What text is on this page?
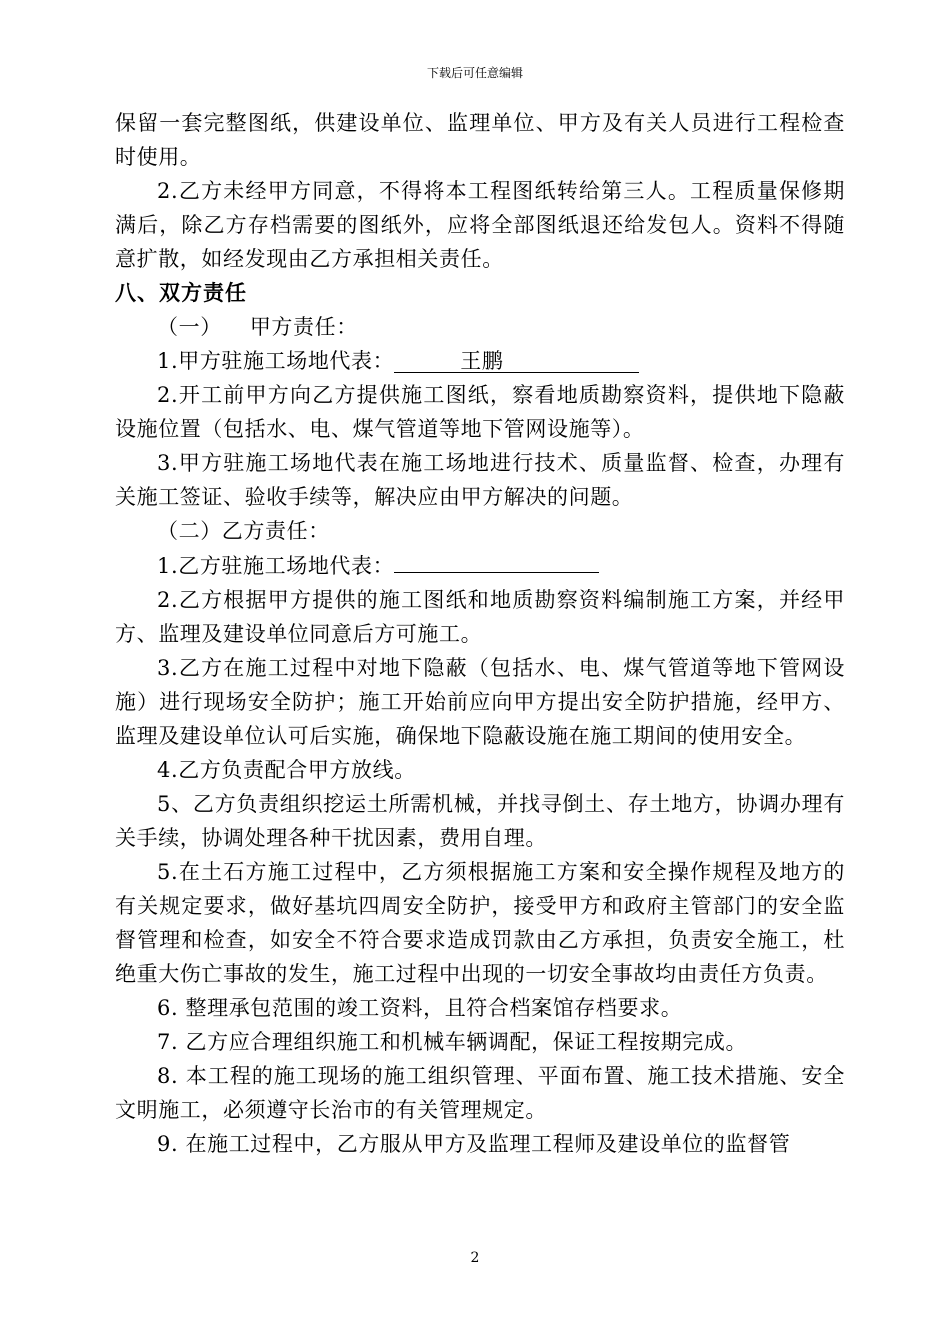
下载后可任意编辑

保留一套完整图纸，供建设单位、监理单位、甲方及有关人员进行工程检查时使用。

2.乙方未经甲方同意，不得将本工程图纸转给第三人。工程质量保修期满后，除乙方存档需要的图纸外，应将全部图纸退还给发包人。资料不得随意扩散，如经发现由乙方承担相关责任。

八、双方责任

（一） 甲方责任：

1.甲方驻施工场地代表：	王鹏

2.开工前甲方向乙方提供施工图纸，察看地质勘察资料，提供地下隐蔽设施位置（包括水、电、煤气管道等地下管网设施等）。

3.甲方驻施工场地代表在施工场地进行技术、质量监督、检查，办理有关施工签证、验收手续等，解决应由甲方解决的问题。

（二）乙方责任：

1.乙方驻施工场地代表：

2.乙方根据甲方提供的施工图纸和地质勘察资料编制施工方案，并经甲方、监理及建设单位同意后方可施工。

3.乙方在施工过程中对地下隐蔽（包括水、电、煤气管道等地下管网设施）进行现场安全防护；施工开始前应向甲方提出安全防护措施，经甲方、监理及建设单位认可后实施，确保地下隐蔽设施在施工期间的使用安全。

4.乙方负责配合甲方放线。

5、乙方负责组织挖运土所需机械，并找寻倒土、存土地方，协调办理有关手续，协调处理各种干扰因素，费用自理。

5.在土石方施工过程中，乙方须根据施工方案和安全操作规程及地方的有关规定要求，做好基坑四周安全防护，接受甲方和政府主管部门的安全监督管理和检查，如安全不符合要求造成罚款由乙方承担，负责安全施工，杜绝重大伤亡事故的发生，施工过程中出现的一切安全事故均由责任方负责。

6. 整理承包范围的竣工资料，且符合档案馆存档要求。

7. 乙方应合理组织施工和机械车辆调配，保证工程按期完成。

8. 本工程的施工现场的施工组织管理、平面布置、施工技术措施、安全文明施工，必须遵守长治市的有关管理规定。

9. 在施工过程中，乙方服从甲方及监理工程师及建设单位的监督管

2
